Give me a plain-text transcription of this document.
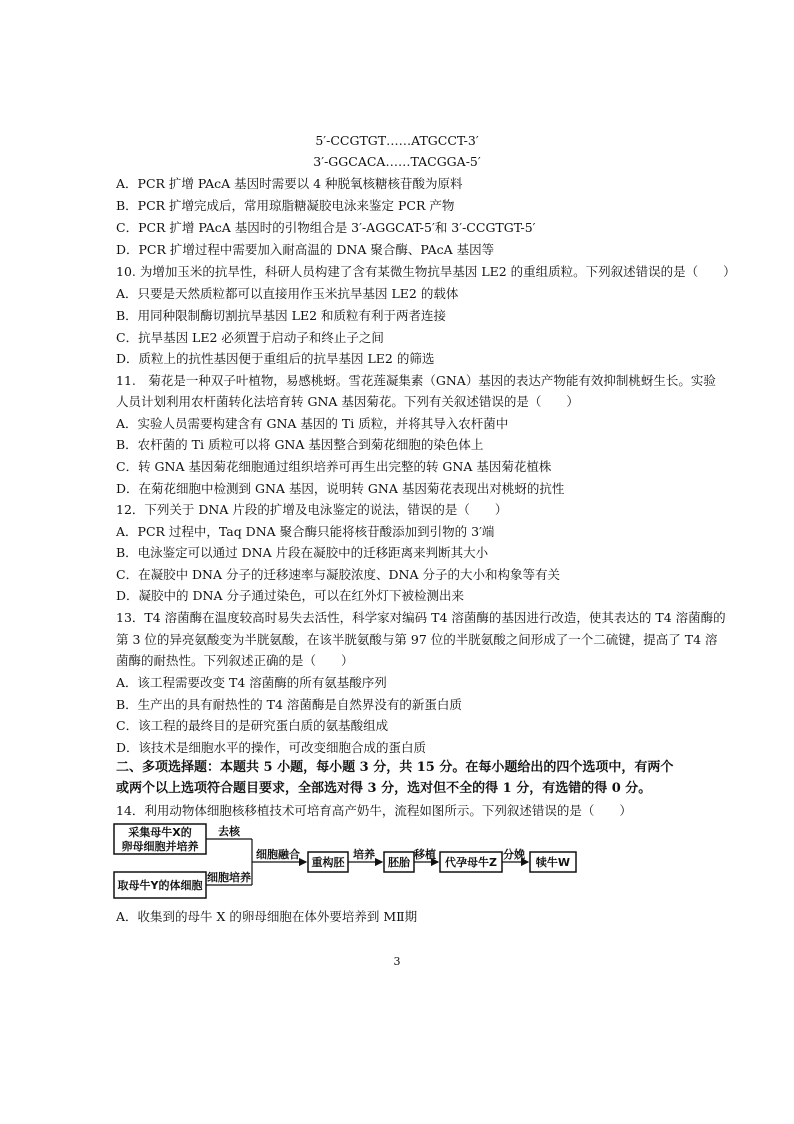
5′-CCGTGT……ATGCCT-3′
3′-GGCACA……TACGGA-5′
A．PCR 扩增 PAcA 基因时需要以 4 种脱氧核糖核苷酸为原料
B．PCR 扩增完成后，常用琼脂糖凝胶电泳来鉴定 PCR 产物
C．PCR 扩增 PAcA 基因时的引物组合是 3′-AGGCAT-5′和 3′-CCGTGT-5′
D．PCR 扩增过程中需要加入耐高温的 DNA 聚合酶、PAcA 基因等
10. 为增加玉米的抗旱性，科研人员构建了含有某微生物抗旱基因 LE2 的重组质粒。下列叙述错误的是（　　）
A．只要是天然质粒都可以直接用作玉米抗旱基因 LE2 的载体
B．用同种限制酶切割抗旱基因 LE2 和质粒有利于两者连接
C．抗旱基因 LE2 必须置于启动子和终止子之间
D．质粒上的抗性基因便于重组后的抗旱基因 LE2 的筛选
11.　菊花是一种双子叶植物，易感桃蚜。雪花莲凝集素（GNA）基因的表达产物能有效抑制桃蚜生长。实验
人员计划利用农杆菌转化法培育转 GNA 基因菊花。下列有关叙述错误的是（　　）
A．实验人员需要构建含有 GNA 基因的 Ti 质粒，并将其导入农杆菌中
B．农杆菌的 Ti 质粒可以将 GNA 基因整合到菊花细胞的染色体上
C．转 GNA 基因菊花细胞通过组织培养可再生出完整的转 GNA 基因菊花植株
D．在菊花细胞中检测到 GNA 基因，说明转 GNA 基因菊花表现出对桃蚜的抗性
12．下列关于 DNA 片段的扩增及电泳鉴定的说法，错误的是（　　）
A．PCR 过程中，Taq DNA 聚合酶只能将核苷酸添加到引物的 3′端
B．电泳鉴定可以通过 DNA 片段在凝胶中的迁移距离来判断其大小
C．在凝胶中 DNA 分子的迁移速率与凝胶浓度、DNA 分子的大小和构象等有关
D．凝胶中的 DNA 分子通过染色，可以在红外灯下被检测出来
13．T4 溶菌酶在温度较高时易失去活性，科学家对编码 T4 溶菌酶的基因进行改造，使其表达的 T4 溶菌酶的
第 3 位的异亮氨酸变为半胱氨酸，在该半胱氨酸与第 97 位的半胱氨酸之间形成了一个二硫键，提高了 T4 溶
菌酶的耐热性。下列叙述正确的是（　　）
A．该工程需要改变 T4 溶菌酶的所有氨基酸序列
B．生产出的具有耐热性的 T4 溶菌酶是自然界没有的新蛋白质
C．该工程的最终目的是研究蛋白质的氨基酸组成
D．该技术是细胞水平的操作，可改变细胞合成的蛋白质
二、多项选择题：本题共 5 小题，每小题 3 分，共 15 分。在每小题给出的四个选项中，有两个
或两个以上选项符合题目要求，全部选对得 3 分，选对但不全的得 1 分，有选错的得 0 分。
14．利用动物体细胞核移植技术可培育高产奶牛，流程如图所示。下列叙述错误的是（　　）
采集母牛X的
卵母细胞并培养
取母牛Y的体细胞
去核
细胞培养
细胞融合
重构胚
培养
胚胎
移植
代孕母牛Z
分娩
犊牛W
A．收集到的母牛 X 的卵母细胞在体外要培养到 MⅡ期
3
